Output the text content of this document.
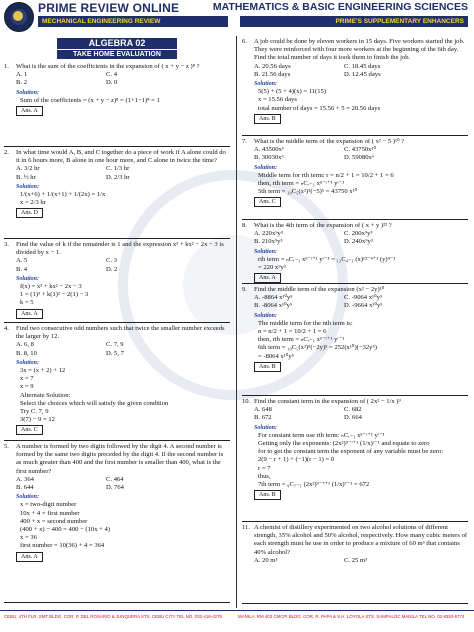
PRIME REVIEW ONLINE
MECHANICAL ENGINEERING REVIEW
MATHEMATICS & BASIC ENGINEERING SCIENCES
PRIME'S SUPPLEMENTARY ENHANCERS
ALGEBRA 02
TAKE HOME EVALUATION
1.	What is the sum of the coefficients in the expansion of ( x + y − z )⁸ ?
A. 1	C. 4
B. 2	D. 0
Solution:
Sum of the coefficients = (x + y − z)⁸ = (1+1−1)⁸ = 1
Ans. A
2.	In what time would A, B, and C together do a piece of work if A alone could do it in 6 hours more, B alone in one hour more, and C alone in twice the time?
A. 3/2 hr	C. 1/3 hr
B. ½ hr	D. 2/3 hr
Solution:
1/(x+6) + 1/(x+1) + 1/(2x) = 1/x
x = 2/3 hr
Ans. D
3.	Find the value of k if the remainder is 1 and the expression x³ + kx² − 2x − 3 is divided by x − 1.
A. 5	C. 3
B. 4	D. 2
Solution:
f(x) = x³ + kx² − 2x − 3
1 = (1)³ + k(1)² − 2(1) − 3
k = 5
Ans. A
4.	Find two consecutive odd numbers such that twice the smaller number exceeds the larger by 12.
A. 6, 8	C. 7, 9
B. 8, 10	D. 5, 7
Solution:
3x = (x + 2) + 12
x = 7
x = 9
Alternate Solution:
Select the choices which will satisfy the given condition
Try C. 7, 9
3(7) − 9 = 12
Ans. C
5.	A number is formed by two digits followed by the digit 4. A second number is formed by the same two digits preceded by the digit 4. If the second number is as much greater than 400 and the first number is smaller than 400, what is the first number?
A. 364	C. 464
B. 644	D. 764
Solution:
x = two-digit number
10x + 4 = first number
400 + x = second number
(400 + x) − 400 = 400 − (10x + 4)
x = 36
first number = 10(36) + 4 = 364
Ans. A
6.	A job could be done by eleven workers in 15 days. Five workers started the job. They were reinforced with four more workers at the beginning of the 6th day. Find the total number of days it took them to finish the job.
A. 20.56 days	C. 18.45 days
B. 21.56 days	D. 12.45 days
Solution:
5(5) + (5 + 4)(x) = 11(15)
x = 15.56 days
total number of days = 15.56 + 5 = 20.56 days
Ans. B
7.	What is the middle term of the expansion of ( x² − 5 )¹⁰ ?
A. 43500x⁶	C. 43750x¹⁰
B. 30030x⁶	D. 59080x⁶
Solution:
Middle term for rth term: r = n/2 + 1 = 10/2 + 1 = 6
then, rth term = ₙCᵣ₋₁ xⁿ⁻ʳ⁺¹ yʳ⁻¹
5th term = ₁₀C₅(x²)⁵(−5)⁵ = 43750 x¹⁰
Ans. C
8.	What is the 4th term of the expansion of ( x + y )²² ?
A. 220x⁹y³	C. 200x⁹y³
B. 210x⁹y³	D. 240x⁹y³
Solution:
rth term = ₙCᵣ₋₁ xⁿ⁻ʳ⁺¹ yʳ⁻¹ = ₁₂C₄₋₁ (x)¹²⁻⁴⁺¹ (y)⁴⁻¹
= 220 x⁹y³
Ans. A
9.	Find the middle term of the expansion (x² − 2y)¹⁰
A. -8864 x¹⁰y⁵	C. -9064 x¹⁰y⁵
B. -8064 x¹⁰y⁵	D. -9664 x¹⁰y⁵
Solution:
The middle term for the nth term is:
n = n/2 + 1 = 10/2 + 1 = 6
then, rth term = ₙCᵣ₋₁ xⁿ⁻ʳ⁺¹ yʳ⁻¹
6th term = ₁₀C₅(x²)⁵(−2y)⁵ = 252(x¹⁰)(−32y⁵)
= -8064 x¹⁰y⁵
Ans. B
10. Find the constant term in the expansion of ( 2x² − 1/x )⁹
A. 648	C. 682
B. 672	D. 664
Solution:
For constant term use rth term: ₙCᵣ₋₁ xⁿ⁻ʳ⁺¹ yʳ⁻¹
Getting only the exponents: (2x²)⁹⁻ʳ⁺¹ (1/x)ʳ⁻¹ and equate to zero
for to get the constant term the exponent of any variable must be zero:
2(9 − r + 1) + (−1)(r − 1) = 0
r = 7
thus,
7th term = ₉C₇₋₁ (2x²)⁹⁻⁷⁺¹ (1/x)⁷⁻¹ = 672
Ans. B
11. A chemist of distillery experimented on two alcohol solutions of different strength, 35% alcohol and 50% alcohol, respectively. How many cubic meters of each strength must he use in order to produce a mixture of 60 m³ that contains 40% alcohol?
A. 20 m³	C. 25 m³
CEBU: 4TH FLR. SMT BLDG. COR. P. DEL ROSARIO & JUNQUERA STS. CEBU CITY TEL NO. 032-416-4275	MANILA: RM 403 CMCPI BLDG. COR. R. PAPA & S.H. LOYOLA STS. SAMPALOC MANILA TEL NO. 02-8353-6774
